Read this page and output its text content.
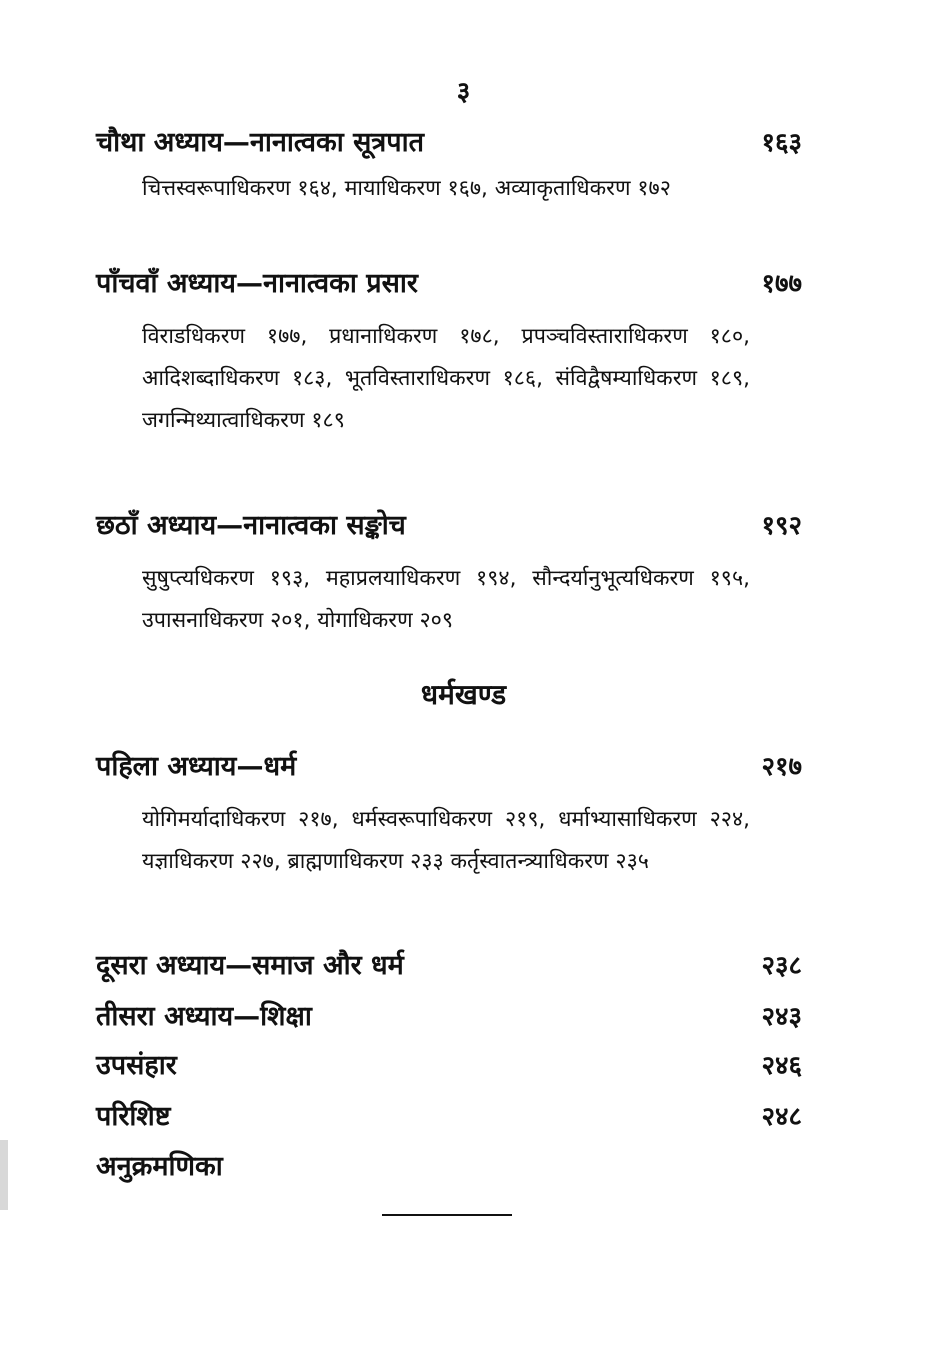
३
चौथा अध्याय—नानात्वका सूत्रपात	१६३
चित्तस्वरूपाधिकरण १६४, मायाधिकरण १६७, अव्याकृताधिकरण १७२
पाँचवाँ अध्याय—नानात्वका प्रसार	१७७
विराडधिकरण १७७, प्रधानाधिकरण १७८, प्रपञ्चविस्ताराधिकरण १८०, आदिशब्दाधिकरण १८३, भूतविस्ताराधिकरण १८६, संविद्वैषम्याधिकरण १८९, जगन्मिथ्यात्वाधिकरण १८९
छठाँ अध्याय—नानात्वका सङ्कोच	१९२
सुषुप्त्यधिकरण १९३, महाप्रलयाधिकरण १९४, सौन्दर्यानुभूत्यधिकरण १९५, उपासनाधिकरण २०१, योगाधिकरण २०९
धर्मखण्ड
पहिला अध्याय—धर्म	२१७
योगिमर्यादाधिकरण २१७, धर्मस्वरूपाधिकरण २१९, धर्माभ्यासाधिकरण २२४, यज्ञाधिकरण २२७, ब्राह्मणाधिकरण २३३ कर्तृस्वातन्त्र्याधिकरण २३५
दूसरा अध्याय—समाज और धर्म	२३८
तीसरा अध्याय—शिक्षा	२४३
उपसंहार	२४६
परिशिष्ट	२४८
अनुक्रमणिका
